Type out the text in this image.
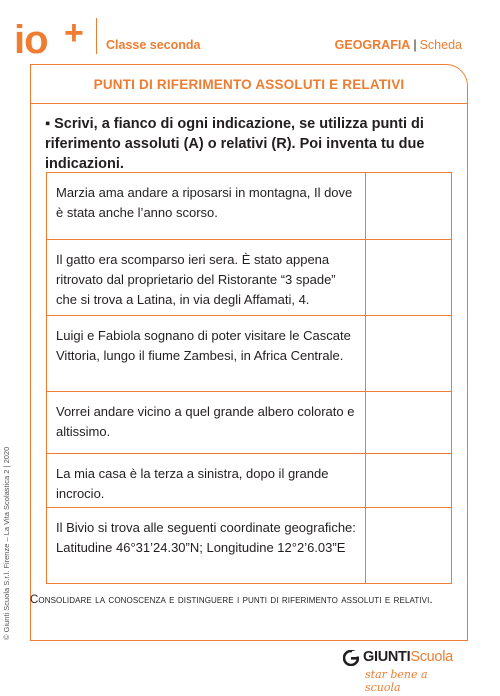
io + Classe seconda	GEOGRAFIA | Scheda
PUNTI DI RIFERIMENTO ASSOLUTI E RELATIVI
▪ Scrivi, a fianco di ogni indicazione, se utilizza punti di riferimento assoluti (A) o relativi (R). Poi inventa tu due indicazioni.
Marzia ama andare a riposarsi in montagna, Il dove è stata anche l’anno scorso.
Il gatto era scomparso ieri sera. È stato appena ritrovato dal proprietario del Ristorante “3 spade” che si trova a Latina, in via degli Affamati, 4.
Luigi e Fabiola sognano di poter visitare le Cascate Vittoria, lungo il fiume Zambesi, in Africa Centrale.
Vorrei andare vicino a quel grande albero colorato e altissimo.
La mia casa è la terza a sinistra, dopo il grande incrocio.
Il Bivio si trova alle seguenti coordinate geografiche: Latitudine 46°31’24.30”N; Longitudine 12°2’6.03”E
Consolidare la conoscenza e distinguere i punti di riferimento assoluti e relativi.
© Giunti Scuola S.r.l. Firenze – La Vita Scolastica 2 | 2020
GIUNTIScuola
star bene a scuola
